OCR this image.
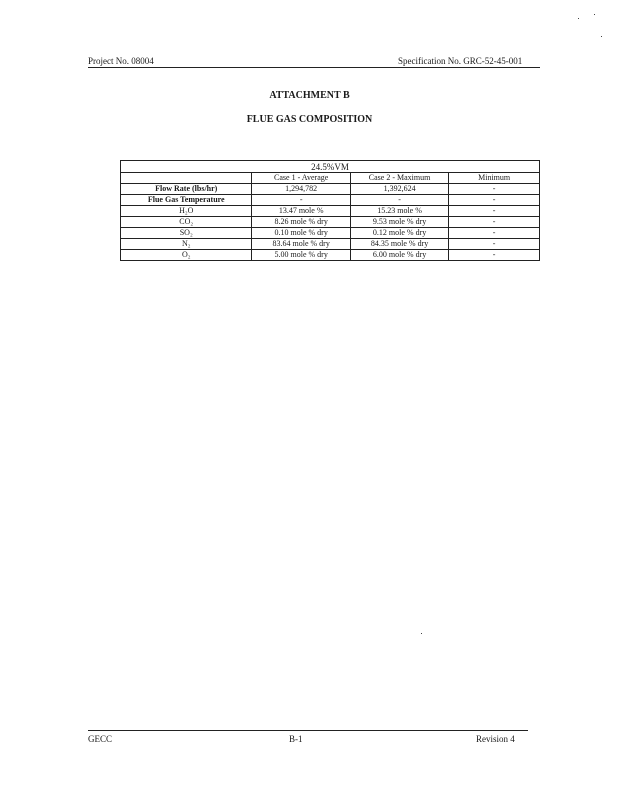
Project No. 08004	Specification No. GRC-52-45-001
ATTACHMENT B
FLUE GAS COMPOSITION
24.5%VM			
	Case 1 - Average	Case 2 - Maximum	Minimum
Flow Rate (lbs/hr)	1,294,782	1,392,624	-
Flue Gas Temperature	-	-	-
H₂O	13.47 mole %	15.23 mole %	-
CO₂	8.26 mole % dry	9.53 mole % dry	-
SO₂	0.10 mole % dry	0.12 mole % dry	-
N₂	83.64 mole % dry	84.35 mole % dry	-
O₂	5.00 mole % dry	6.00 mole % dry	-
GECC	B-1	Revision 4
